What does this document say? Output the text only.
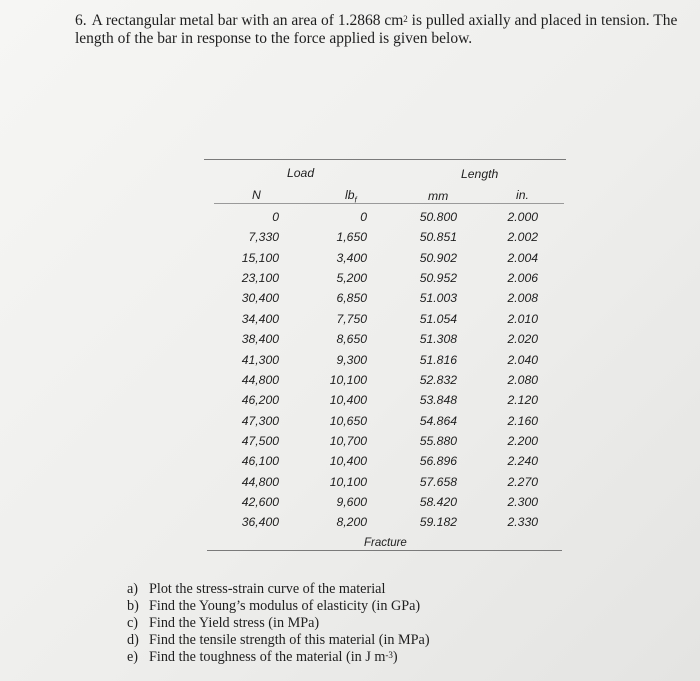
6. A rectangular metal bar with an area of 1.2868 $cm^2$ is pulled axially and placed in tension. The length of the bar in response to the force applied is given below.
Load	Length
N	$lb_f$	mm	in.
0	0	50.800	2.000
7,330	1,650	50.851	2.002
15,100	3,400	50.902	2.004
23,100	5,200	50.952	2.006
30,400	6,850	51.003	2.008
34,400	7,750	51.054	2.010
38,400	8,650	51.308	2.020
41,300	9,300	51.816	2.040
44,800	10,100	52.832	2.080
46,200	10,400	53.848	2.120
47,300	10,650	54.864	2.160
47,500	10,700	55.880	2.200
46,100	10,400	56.896	2.240
44,800	10,100	57.658	2.270
42,600	9,600	58.420	2.300
36,400	8,200	59.182	2.330
Fracture
a) Plot the stress-strain curve of the material
b) Find the Young’s modulus of elasticity (in GPa)
c) Find the Yield stress (in MPa)
d) Find the tensile strength of this material (in MPa)
e) Find the toughness of the material (in J $m^{-3}$)
